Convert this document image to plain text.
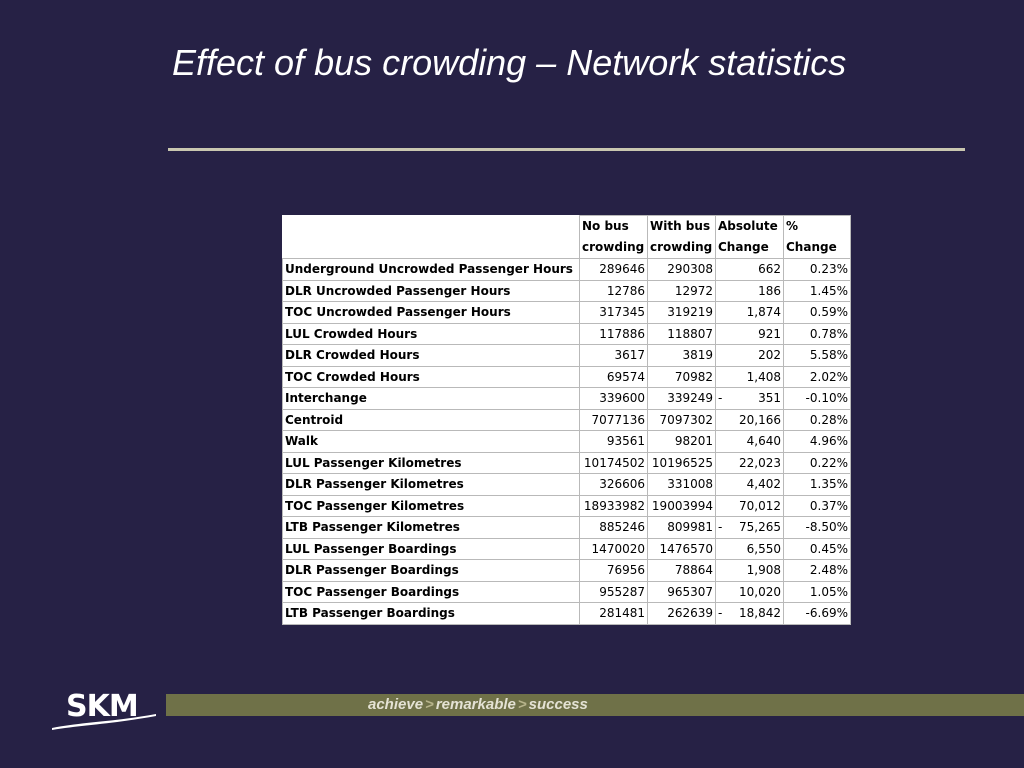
Effect of bus crowding – Network statistics
	No bus crowding	With bus crowding	Absolute Change	% Change
Underground Uncrowded Passenger Hours	289646	290308	662	0.23%
DLR Uncrowded Passenger Hours	12786	12972	186	1.45%
TOC Uncrowded Passenger Hours	317345	319219	1,874	0.59%
LUL Crowded Hours	117886	118807	921	0.78%
DLR Crowded Hours	3617	3819	202	5.58%
TOC Crowded Hours	69574	70982	1,408	2.02%
Interchange	339600	339249	- 351	-0.10%
Centroid	7077136	7097302	20,166	0.28%
Walk	93561	98201	4,640	4.96%
LUL Passenger Kilometres	10174502	10196525	22,023	0.22%
DLR Passenger Kilometres	326606	331008	4,402	1.35%
TOC Passenger Kilometres	18933982	19003994	70,012	0.37%
LTB Passenger Kilometres	885246	809981	- 75,265	-8.50%
LUL Passenger Boardings	1470020	1476570	6,550	0.45%
DLR Passenger Boardings	76956	78864	1,908	2.48%
TOC Passenger Boardings	955287	965307	10,020	1.05%
LTB Passenger Boardings	281481	262639	- 18,842	-6.69%
achieve > remarkable > success
SKM
